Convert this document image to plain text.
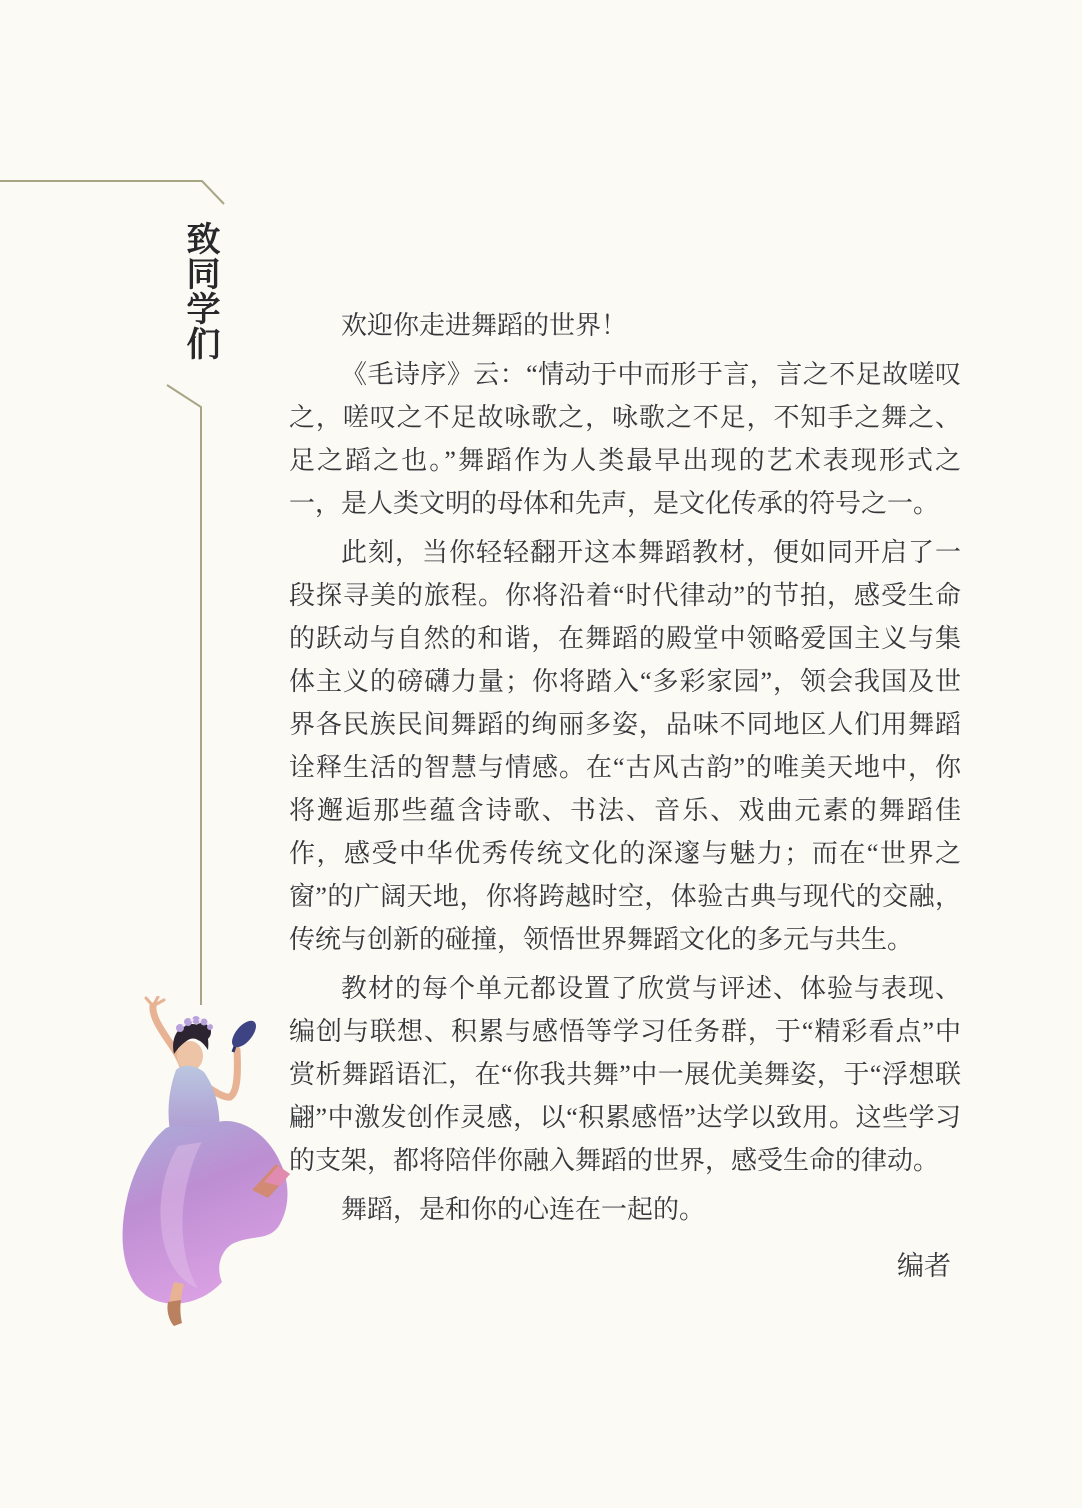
致同学们	欢迎你走进舞蹈的世界！

《毛诗序》云：“情动于中而形于言，言之不足故嗟叹之，嗟叹之不足故咏歌之，咏歌之不足，不知手之舞之、足之蹈之也。”舞蹈作为人类最早出现的艺术表现形式之一，是人类文明的母体和先声，是文化传承的符号之一。

此刻，当你轻轻翻开这本舞蹈教材，便如同开启了一段探寻美的旅程。你将沿着“时代律动”的节拍，感受生命的跃动与自然的和谐，在舞蹈的殿堂中领略爱国主义与集体主义的磅礴力量；你将踏入“多彩家园”，领会我国及世界各民族民间舞蹈的绚丽多姿，品味不同地区人们用舞蹈诠释生活的智慧与情感。在“古风古韵”的唯美天地中，你将邂逅那些蕴含诗歌、书法、音乐、戏曲元素的舞蹈佳作，感受中华优秀传统文化的深邃与魅力；而在“世界之窗”的广阔天地，你将跨越时空，体验古典与现代的交融，传统与创新的碰撞，领悟世界舞蹈文化的多元与共生。

教材的每个单元都设置了欣赏与评述、体验与表现、编创与联想、积累与感悟等学习任务群，于“精彩看点”中赏析舞蹈语汇，在“你我共舞”中一展优美舞姿，于“浮想联翩”中激发创作灵感，以“积累感悟”达学以致用。这些学习的支架，都将陪伴你融入舞蹈的世界，感受生命的律动。

舞蹈，是和你的心连在一起的。

编者
